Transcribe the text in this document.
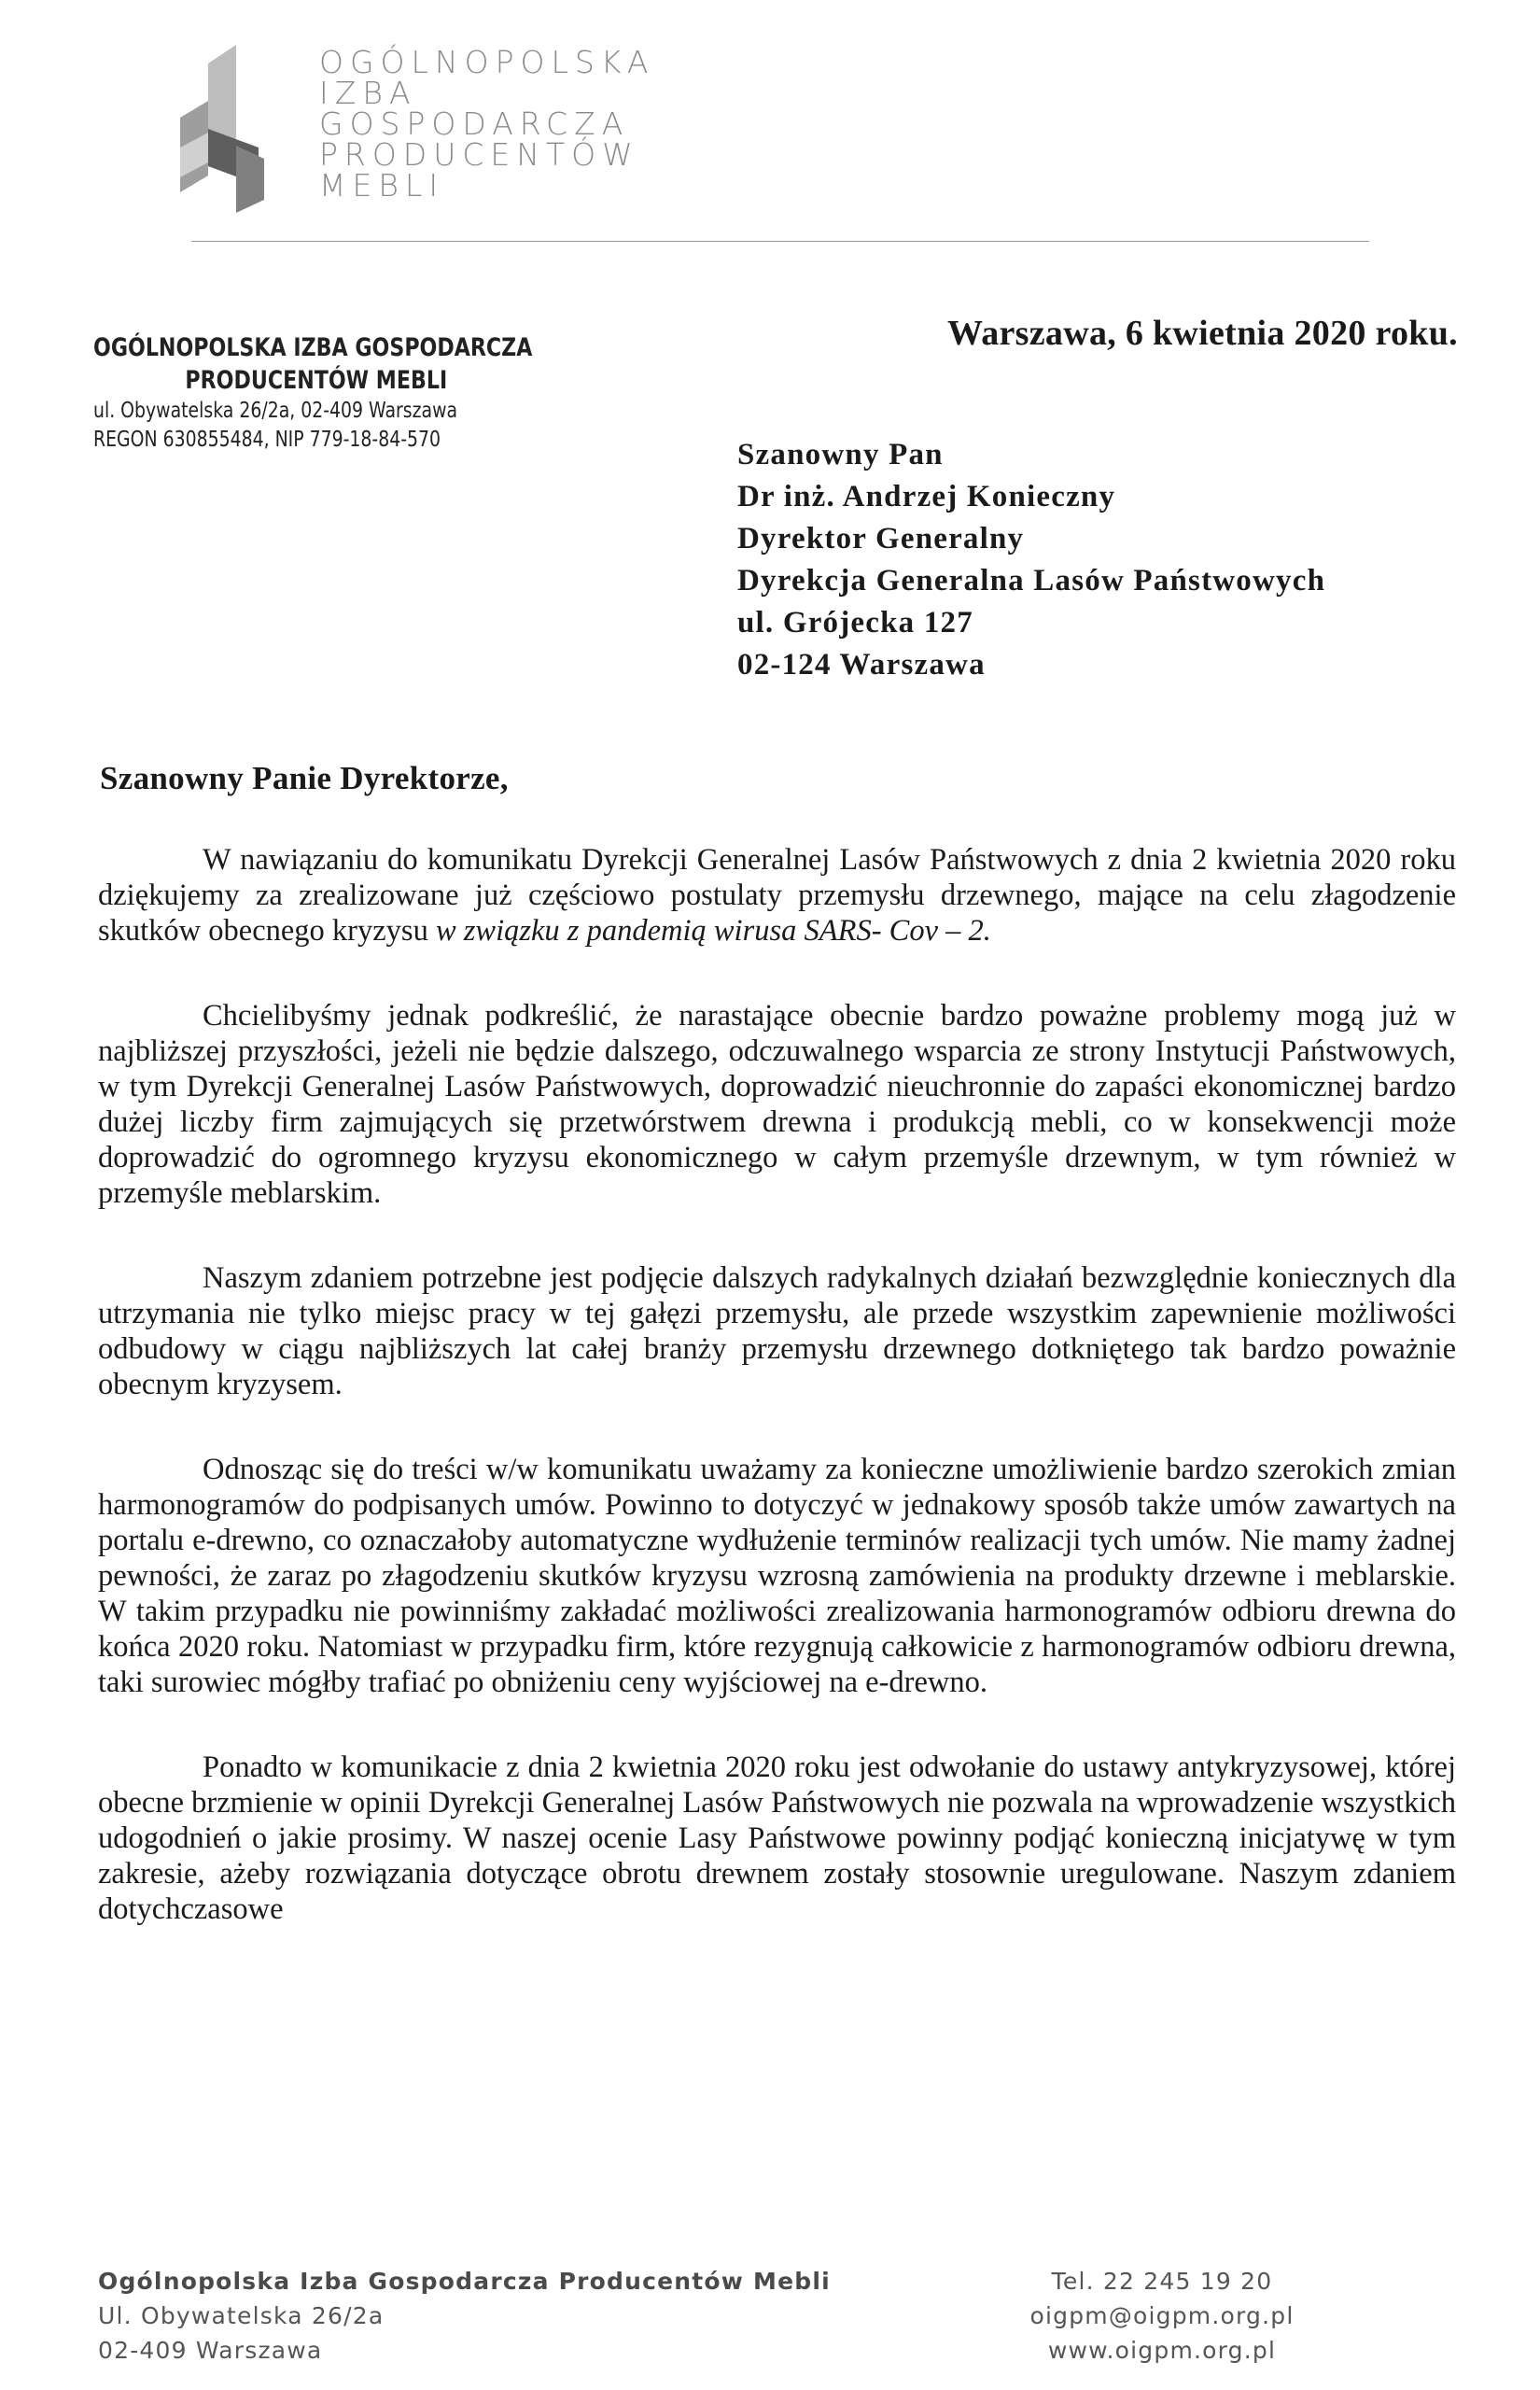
OGÓLNOPOLSKA
IZBA
GOSPODARCZA
PRODUCENTÓW
MEBLI
OGÓLNOPOLSKA IZBA GOSPODARCZA
PRODUCENTÓW MEBLI
ul. Obywatelska 26/2a, 02-409 Warszawa
REGON 630855484, NIP 779-18-84-570
Warszawa, 6 kwietnia 2020 roku.
Szanowny Pan
Dr inż. Andrzej Konieczny
Dyrektor Generalny
Dyrekcja Generalna Lasów Państwowych
ul. Grójecka 127
02-124 Warszawa
Szanowny Panie Dyrektorze,

W nawiązaniu do komunikatu Dyrekcji Generalnej Lasów Państwowych z dnia 2 kwietnia 2020 roku dziękujemy za zrealizowane już częściowo postulaty przemysłu drzewnego, mające na celu złagodzenie skutków obecnego kryzysu w związku z pandemią wirusa SARS- Cov – 2.

Chcielibyśmy jednak podkreślić, że narastające obecnie bardzo poważne problemy mogą już w najbliższej przyszłości, jeżeli nie będzie dalszego, odczuwalnego wsparcia ze strony Instytucji Państwowych, w tym Dyrekcji Generalnej Lasów Państwowych, doprowadzić nieuchronnie do zapaści ekonomicznej bardzo dużej liczby firm zajmujących się przetwórstwem drewna i produkcją mebli, co w konsekwencji może doprowadzić do ogromnego kryzysu ekonomicznego w całym przemyśle drzewnym, w tym również w przemyśle meblarskim.

Naszym zdaniem potrzebne jest podjęcie dalszych radykalnych działań bezwzględnie koniecznych dla utrzymania nie tylko miejsc pracy w tej gałęzi przemysłu, ale przede wszystkim zapewnienie możliwości odbudowy w ciągu najbliższych lat całej branży przemysłu drzewnego dotkniętego tak bardzo poważnie obecnym kryzysem.

Odnosząc się do treści w/w komunikatu uważamy za konieczne umożliwienie bardzo szerokich zmian harmonogramów do podpisanych umów. Powinno to dotyczyć w jednakowy sposób także umów zawartych na portalu e-drewno, co oznaczałoby automatyczne wydłużenie terminów realizacji tych umów. Nie mamy żadnej pewności, że zaraz po złagodzeniu skutków kryzysu wzrosną zamówienia na produkty drzewne i meblarskie. W takim przypadku nie powinniśmy zakładać możliwości zrealizowania harmonogramów odbioru drewna do końca 2020 roku. Natomiast w przypadku firm, które rezygnują całkowicie z harmonogramów odbioru drewna, taki surowiec mógłby trafiać po obniżeniu ceny wyjściowej na e-drewno.

Ponadto w komunikacie z dnia 2 kwietnia 2020 roku jest odwołanie do ustawy antykryzysowej, której obecne brzmienie w opinii Dyrekcji Generalnej Lasów Państwowych nie pozwala na wprowadzenie wszystkich udogodnień o jakie prosimy. W naszej ocenie Lasy Państwowe powinny podjąć konieczną inicjatywę w tym zakresie, ażeby rozwiązania dotyczące obrotu drewnem zostały stosownie uregulowane. Naszym zdaniem dotychczasowe

Ogólnopolska Izba Gospodarcza Producentów Mebli
Ul. Obywatelska 26/2a
02-409 Warszawa
Tel. 22 245 19 20
oigpm@oigpm.org.pl
www.oigpm.org.pl
